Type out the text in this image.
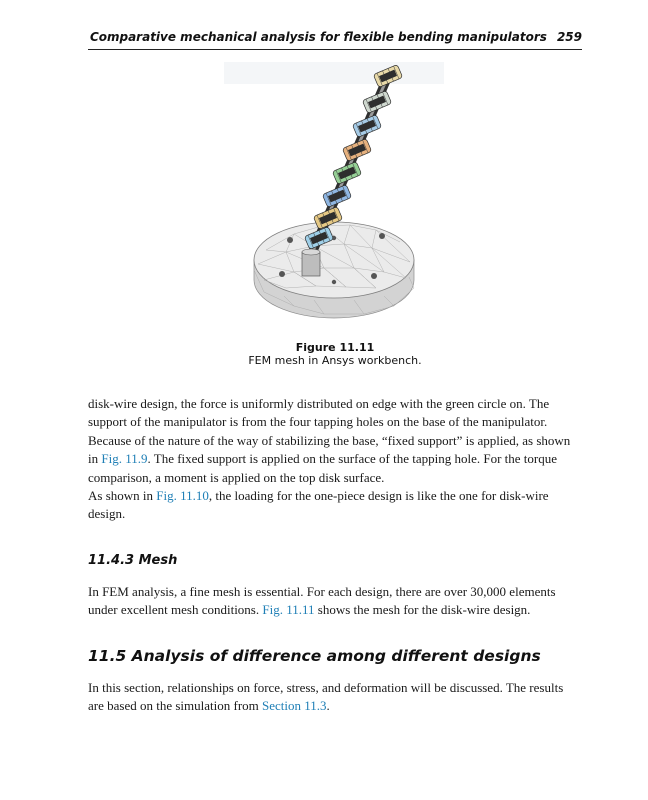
Comparative mechanical analysis for flexible bending manipulators 259
Figure 11.11
FEM mesh in Ansys workbench.

disk-wire design, the force is uniformly distributed on edge with the green circle on. The support of the manipulator is from the four tapping holes on the base of the manipulator. Because of the nature of the way of stabilizing the base, “fixed support” is applied, as shown in Fig. 11.9. The fixed support is applied on the surface of the tapping hole. For the torque comparison, a moment is applied on the top disk surface.

As shown in Fig. 11.10, the loading for the one-piece design is like the one for disk-wire design.

11.4.3 Mesh

In FEM analysis, a fine mesh is essential. For each design, there are over 30,000 elements under excellent mesh conditions. Fig. 11.11 shows the mesh for the disk-wire design.

11.5 Analysis of difference among different designs

In this section, relationships on force, stress, and deformation will be discussed. The results are based on the simulation from Section 11.3.
